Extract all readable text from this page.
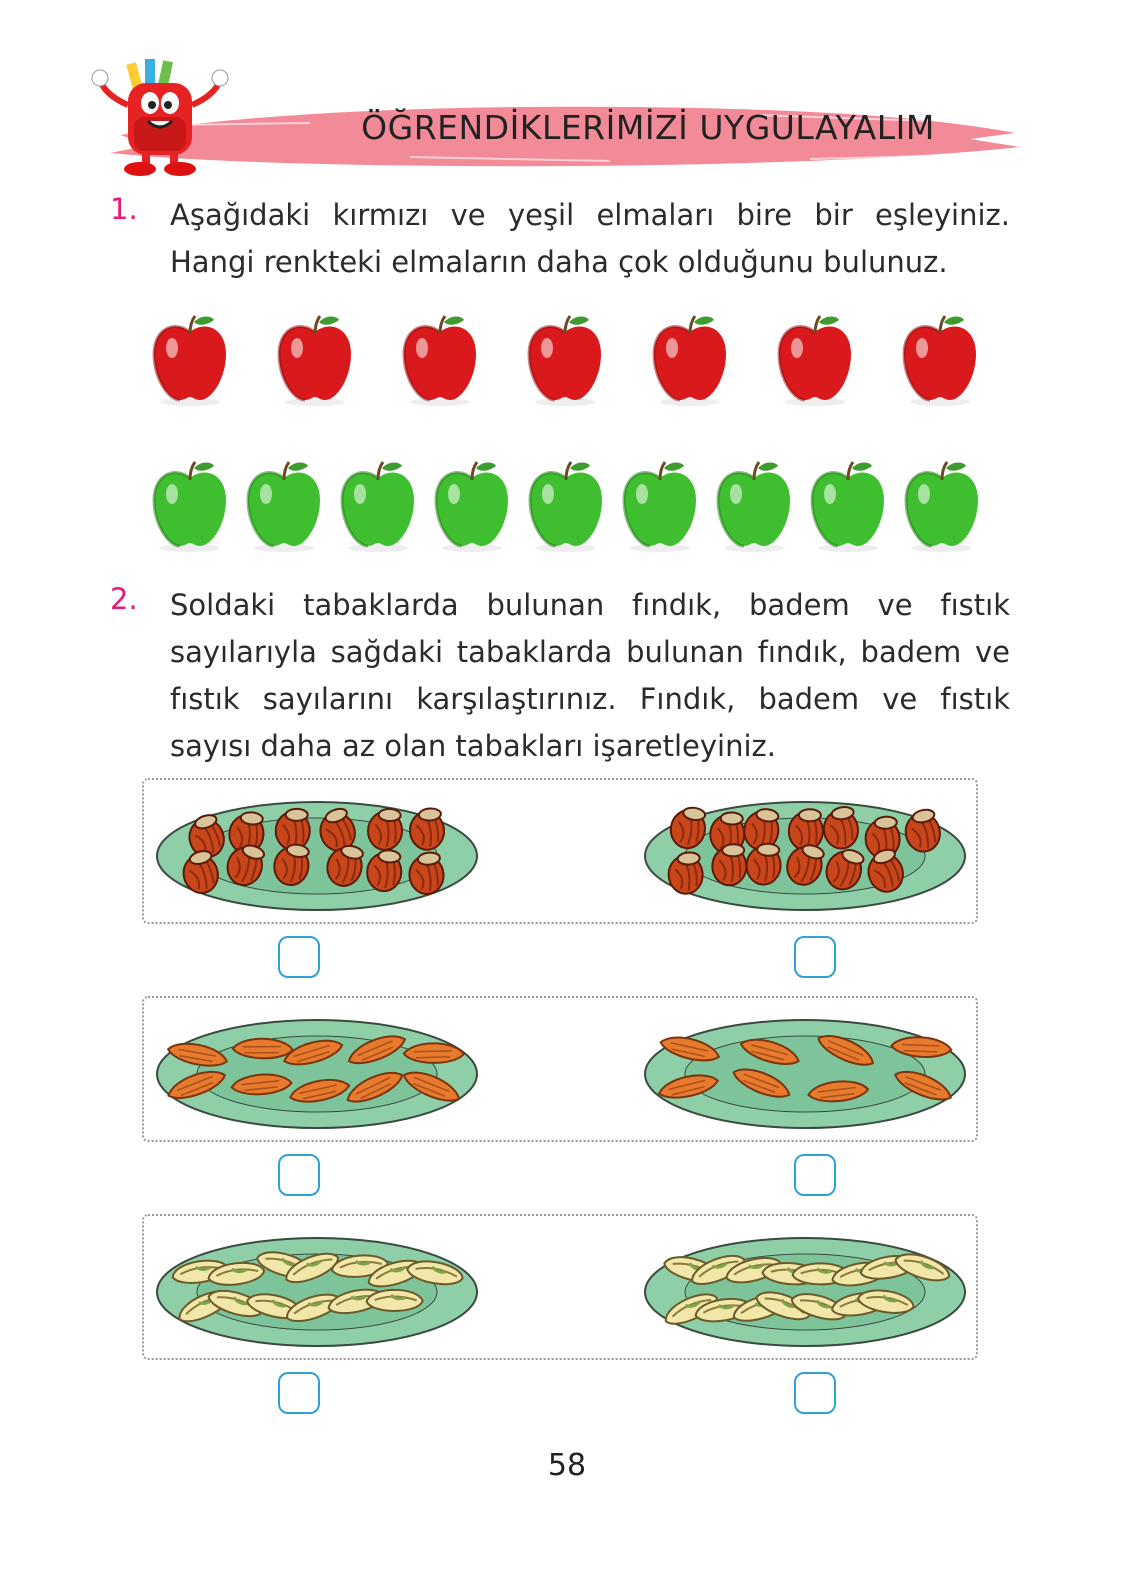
ÖĞRENDİKLERİMİZİ UYGULAYALIM
1. Aşağıdaki kırmızı ve yeşil elmaları bire bir eşleyiniz. Hangi renkteki elmaların daha çok olduğunu bulunuz.
2. Soldaki tabaklarda bulunan fındık, badem ve fıstık sayılarıyla sağdaki tabaklarda bulunan fındık, badem ve fıstık sayılarını karşılaştırınız. Fındık, badem ve fıstık sayısı daha az olan tabakları işaretleyiniz.
58
